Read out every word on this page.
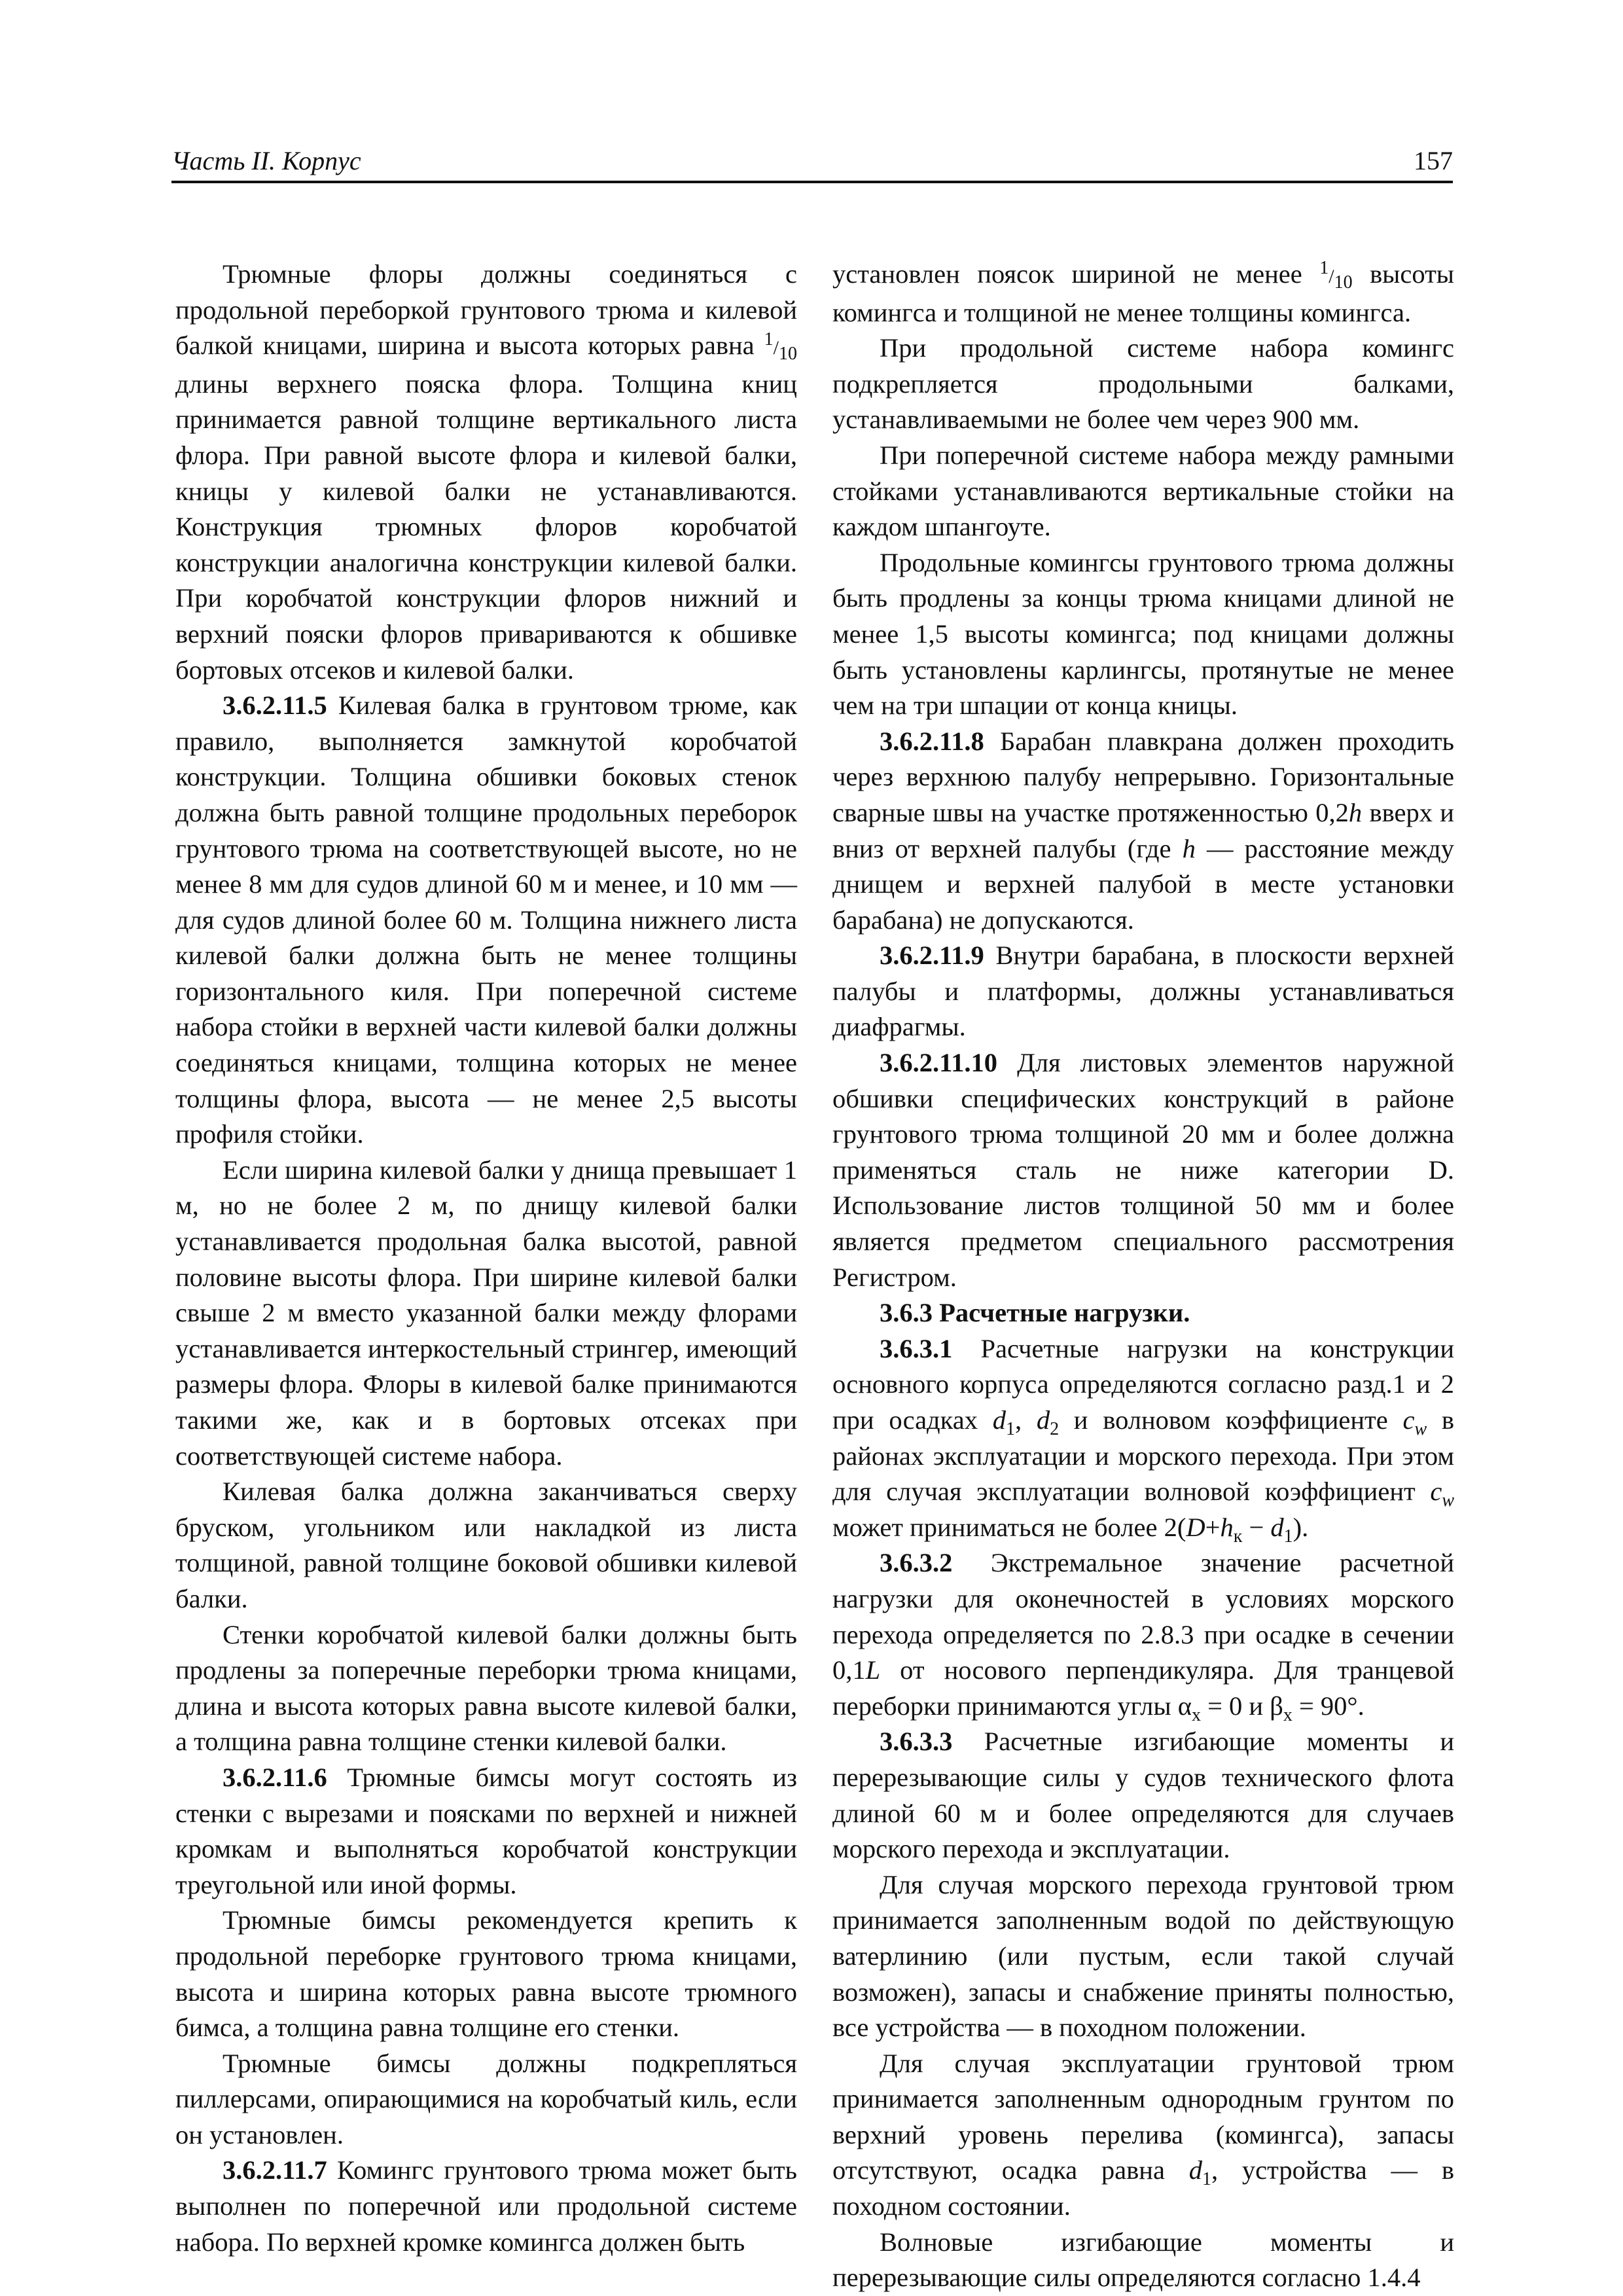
Часть II. Корпус	157

Трюмные флоры должны соединяться с продольной переборкой грунтового трюма и килевой балкой кницами, ширина и высота которых равна $^1/_{10}$ длины верхнего пояска флора. Толщина книц принимается равной толщине вертикального листа флора. При равной высоте флора и килевой балки, кницы у килевой балки не устанавливаются. Конструкция трюмных флоров коробчатой конструкции аналогична конструкции килевой балки. При коробчатой конструкции флоров нижний и верхний пояски флоров привариваются к обшивке бортовых отсеков и килевой балки.

3.6.2.11.5 Килевая балка в грунтовом трюме, как правило, выполняется замкнутой коробчатой конструкции. Толщина обшивки боковых стенок должна быть равной толщине продольных переборок грунтового трюма на соответствующей высоте, но не менее 8 мм для судов длиной 60 м и менее, и 10 мм — для судов длиной более 60 м. Толщина нижнего листа килевой балки должна быть не менее толщины горизонтального киля. При поперечной системе набора стойки в верхней части килевой балки должны соединяться кницами, толщина которых не менее толщины флора, высота — не менее 2,5 высоты профиля стойки.

Если ширина килевой балки у днища превышает 1 м, но не более 2 м, по днищу килевой балки устанавливается продольная балка высотой, равной половине высоты флора. При ширине килевой балки свыше 2 м вместо указанной балки между флорами устанавливается интеркостельный стрингер, имеющий размеры флора. Флоры в килевой балке принимаются такими же, как и в бортовых отсеках при соответствующей системе набора.

Килевая балка должна заканчиваться сверху бруском, угольником или накладкой из листа толщиной, равной толщине боковой обшивки килевой балки.

Стенки коробчатой килевой балки должны быть продлены за поперечные переборки трюма кницами, длина и высота которых равна высоте килевой балки, а толщина равна толщине стенки килевой балки.

3.6.2.11.6 Трюмные бимсы могут состоять из стенки с вырезами и поясками по верхней и нижней кромкам и выполняться коробчатой конструкции треугольной или иной формы.

Трюмные бимсы рекомендуется крепить к продольной переборке грунтового трюма кницами, высота и ширина которых равна высоте трюмного бимса, а толщина равна толщине его стенки.

Трюмные бимсы должны подкрепляться пиллерсами, опирающимися на коробчатый киль, если он установлен.

3.6.2.11.7 Комингс грунтового трюма может быть выполнен по поперечной или продольной системе набора. По верхней кромке комингса должен быть

установлен поясок шириной не менее $^1/_{10}$ высоты комингса и толщиной не менее толщины комингса.

При продольной системе набора комингс подкрепляется продольными балками, устанавливаемыми не более чем через 900 мм.

При поперечной системе набора между рамными стойками устанавливаются вертикальные стойки на каждом шпангоуте.

Продольные комингсы грунтового трюма должны быть продлены за концы трюма кницами длиной не менее 1,5 высоты комингса; под кницами должны быть установлены карлингсы, протянутые не менее чем на три шпации от конца кницы.

3.6.2.11.8 Барабан плавкрана должен проходить через верхнюю палубу непрерывно. Горизонтальные сварные швы на участке протяженностью 0,2h вверх и вниз от верхней палубы (где h — расстояние между днищем и верхней палубой в месте установки барабана) не допускаются.

3.6.2.11.9 Внутри барабана, в плоскости верхней палубы и платформы, должны устанавливаться диафрагмы.

3.6.2.11.10 Для листовых элементов наружной обшивки специфических конструкций в районе грунтового трюма толщиной 20 мм и более должна применяться сталь не ниже категории D. Использование листов толщиной 50 мм и более является предметом специального рассмотрения Регистром.

3.6.3 Расчетные нагрузки.

3.6.3.1 Расчетные нагрузки на конструкции основного корпуса определяются согласно разд.1 и 2 при осадках $d_1$, $d_2$ и волновом коэффициенте $c_w$ в районах эксплуатации и морского перехода. При этом для случая эксплуатации волновой коэффициент $c_w$ может приниматься не более $2(D+h_к - d_1)$.

3.6.3.2 Экстремальное значение расчетной нагрузки для оконечностей в условиях морского перехода определяется по 2.8.3 при осадке в сечении 0,1L от носового перпендикуляра. Для транцевой переборки принимаются углы $\alpha_x = 0$ и $\beta_x = 90^\circ$.

3.6.3.3 Расчетные изгибающие моменты и перерезывающие силы у судов технического флота длиной 60 м и более определяются для случаев морского перехода и эксплуатации.

Для случая морского перехода грунтовой трюм принимается заполненным водой по действующую ватерлинию (или пустым, если такой случай возможен), запасы и снабжение приняты полностью, все устройства — в походном положении.

Для случая эксплуатации грунтовой трюм принимается заполненным однородным грунтом по верхний уровень перелива (комингса), запасы отсутствуют, осадка равна $d_1$, устройства — в походном состоянии.

Волновые изгибающие моменты и перерезывающие силы определяются согласно 1.4.4
